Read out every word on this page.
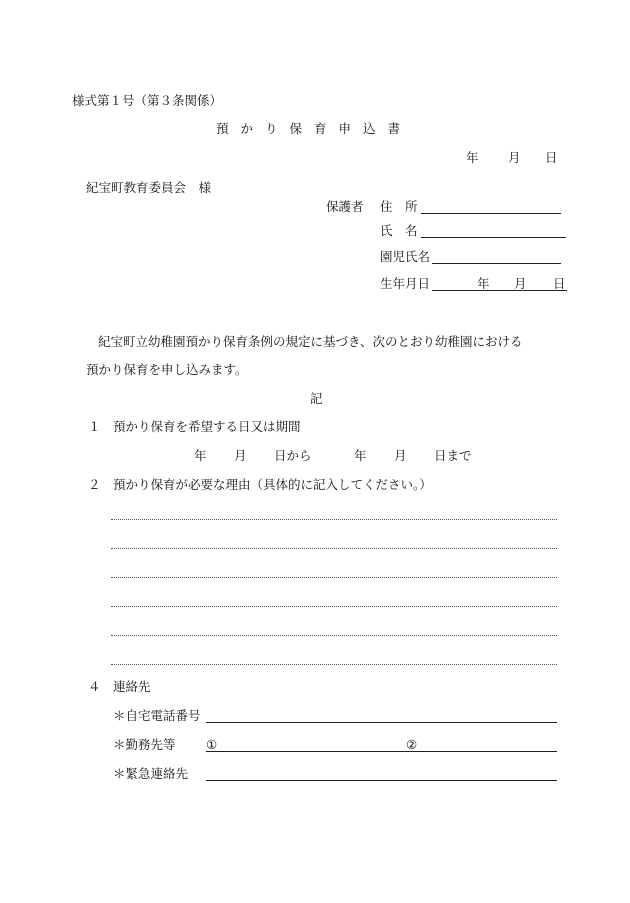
様式第１号（第３条関係）
預かり保育申込書
年 月 日
紀宝町教育委員会　様
保護者 住　所
氏　名
園児氏名
生年月日	年 月 日
紀宝町立幼稚園預かり保育条例の規定に基づき、次のとおり幼稚園における
預かり保育を申し込みます。
記
１ 預かり保育を希望する日又は期間
年 月 日から	年 月 日まで
２ 預かり保育が必要な理由（具体的に記入してください。）
４ 連絡先
＊自宅電話番号
＊勤務先等 ①	②
＊緊急連絡先
